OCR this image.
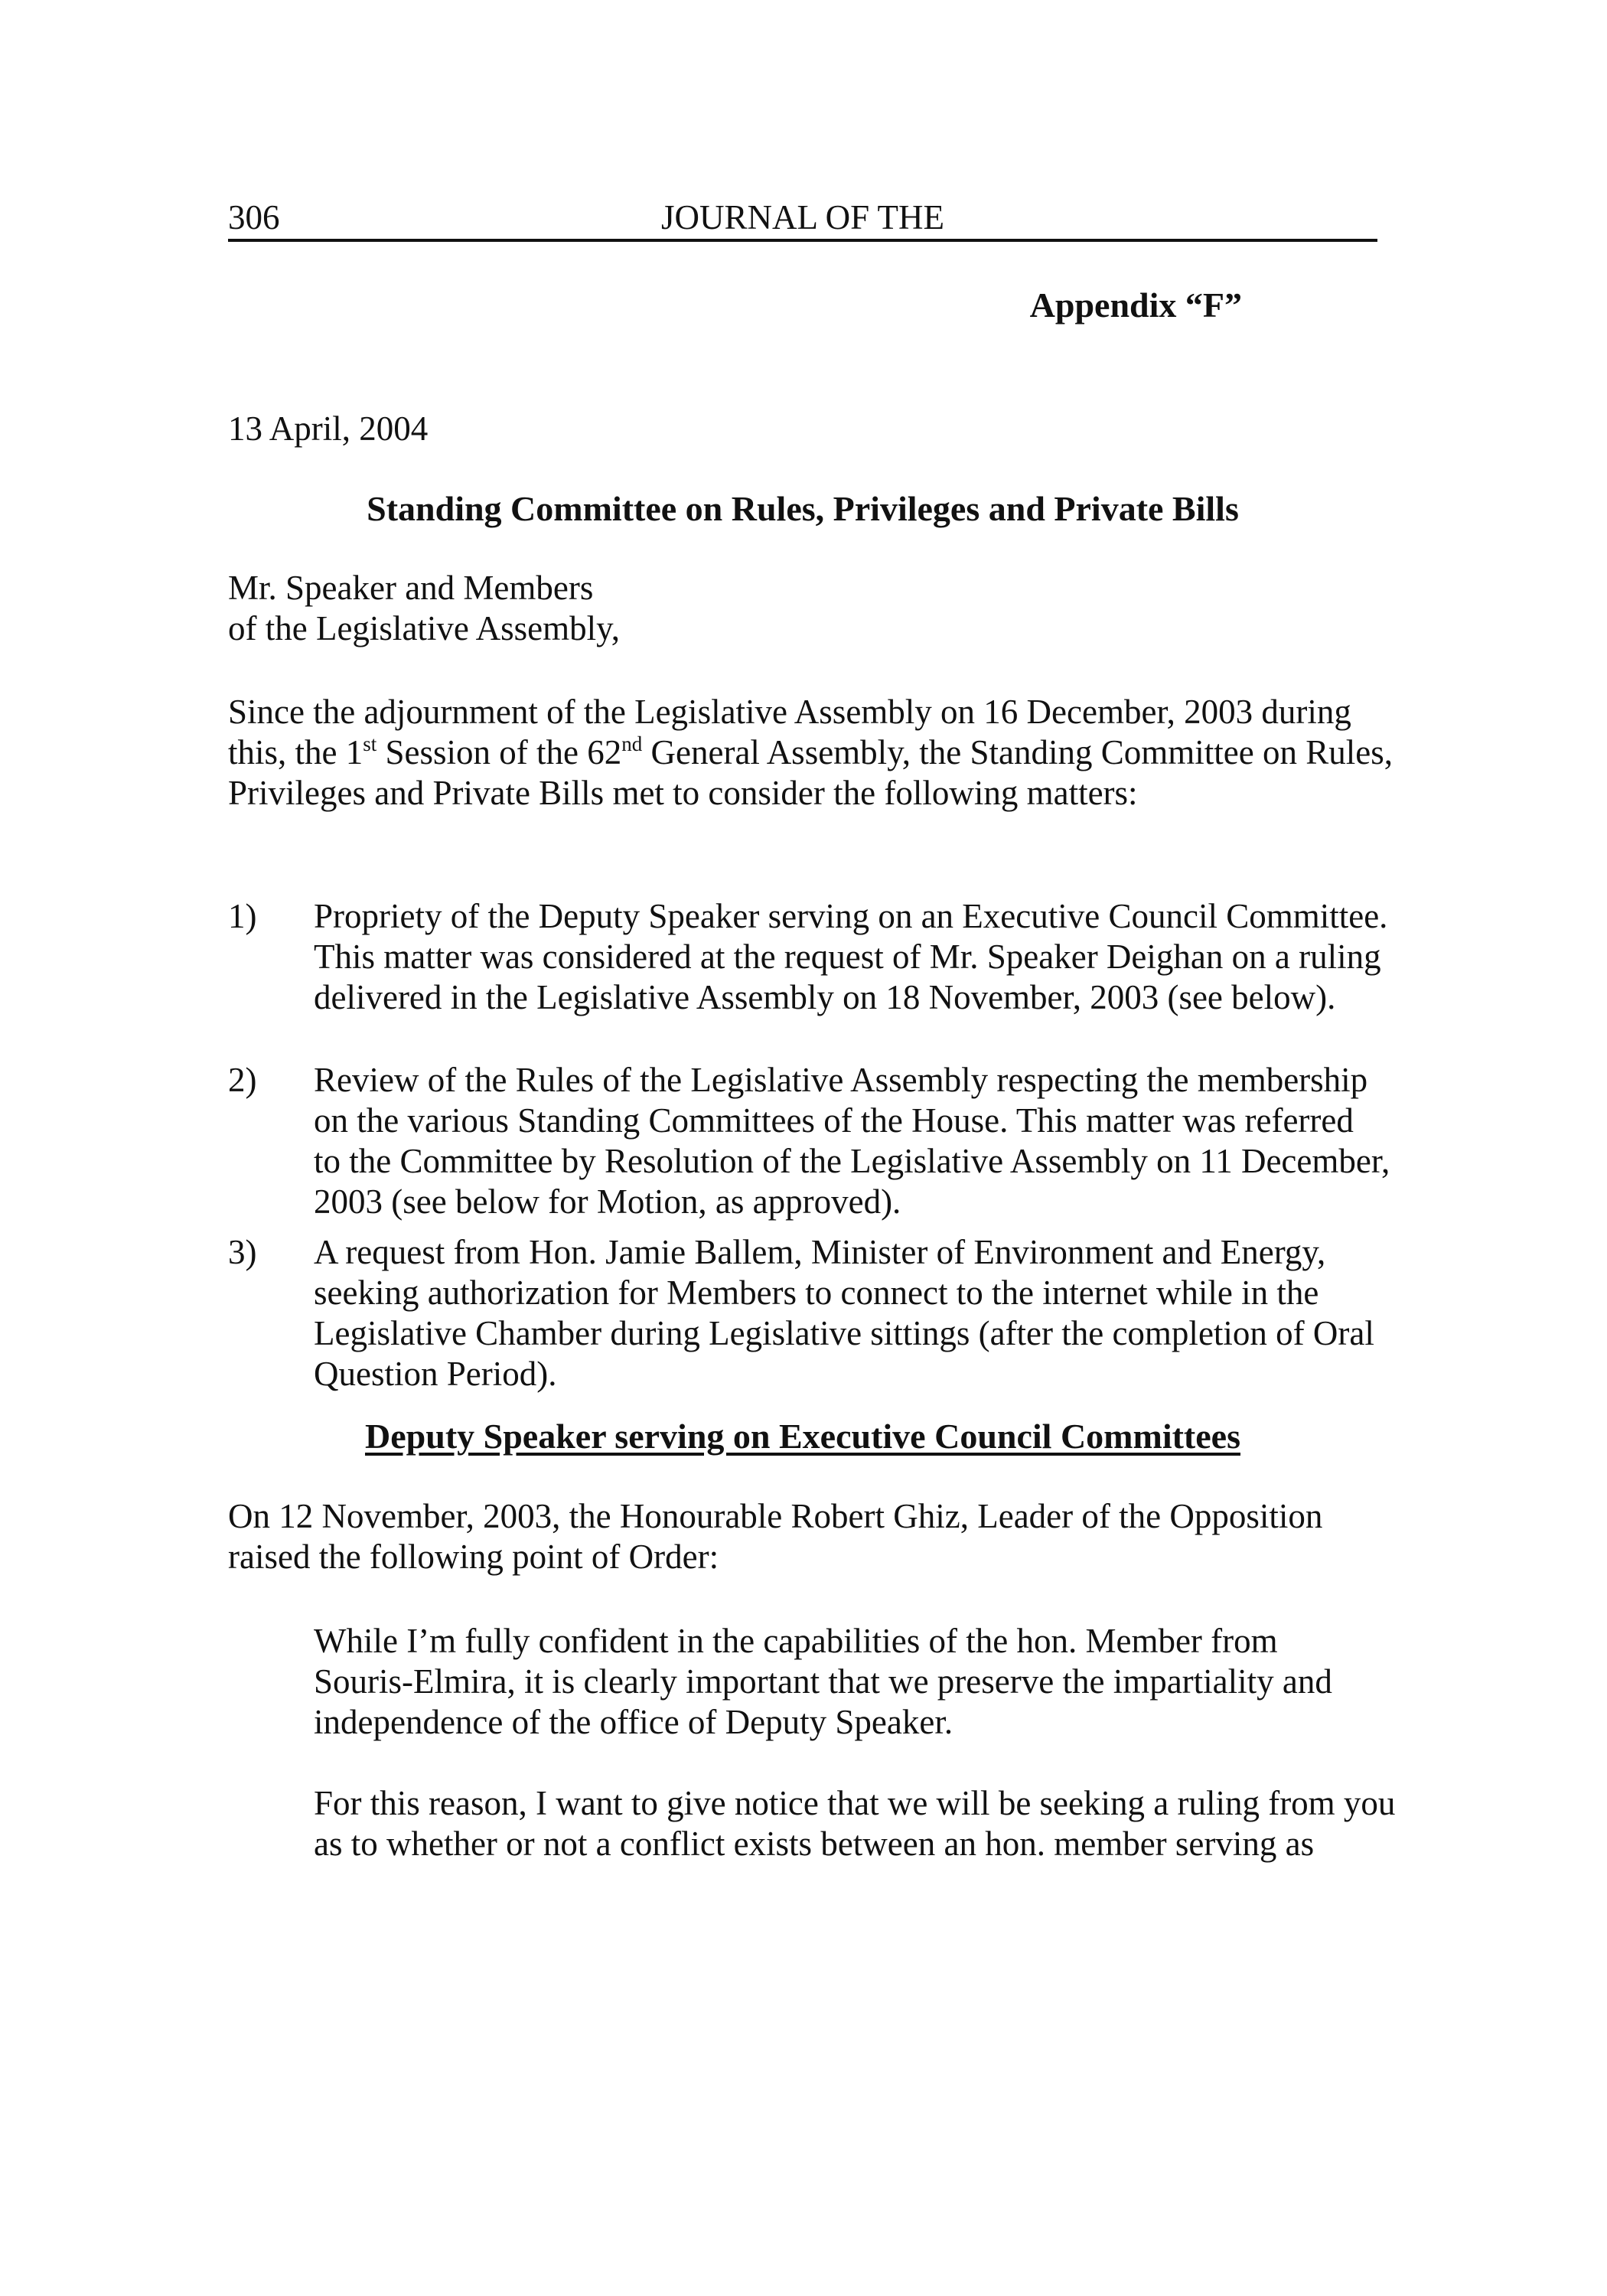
306	JOURNAL OF THE
Appendix “F”

13 April, 2004

Standing Committee on Rules, Privileges and Private Bills

Mr. Speaker and Members
of the Legislative Assembly,

Since the adjournment of the Legislative Assembly on 16 December, 2003 during
this, the 1st Session of the 62nd General Assembly, the Standing Committee on Rules,
Privileges and Private Bills met to consider the following matters:

1) Propriety of the Deputy Speaker serving on an Executive Council Committee.
This matter was considered at the request of Mr. Speaker Deighan on a ruling
delivered in the Legislative Assembly on 18 November, 2003 (see below).

2) Review of the Rules of the Legislative Assembly respecting the membership
on the various Standing Committees of the House. This matter was referred
to the Committee by Resolution of the Legislative Assembly on 11 December,
2003 (see below for Motion, as approved).

3) A request from Hon. Jamie Ballem, Minister of Environment and Energy,
seeking authorization for Members to connect to the internet while in the
Legislative Chamber during Legislative sittings (after the completion of Oral
Question Period).

Deputy Speaker serving on Executive Council Committees

On 12 November, 2003, the Honourable Robert Ghiz, Leader of the Opposition
raised the following point of Order:

While I’m fully confident in the capabilities of the hon. Member from
Souris-Elmira, it is clearly important that we preserve the impartiality and
independence of the office of Deputy Speaker.

For this reason, I want to give notice that we will be seeking a ruling from you
as to whether or not a conflict exists between an hon. member serving as
